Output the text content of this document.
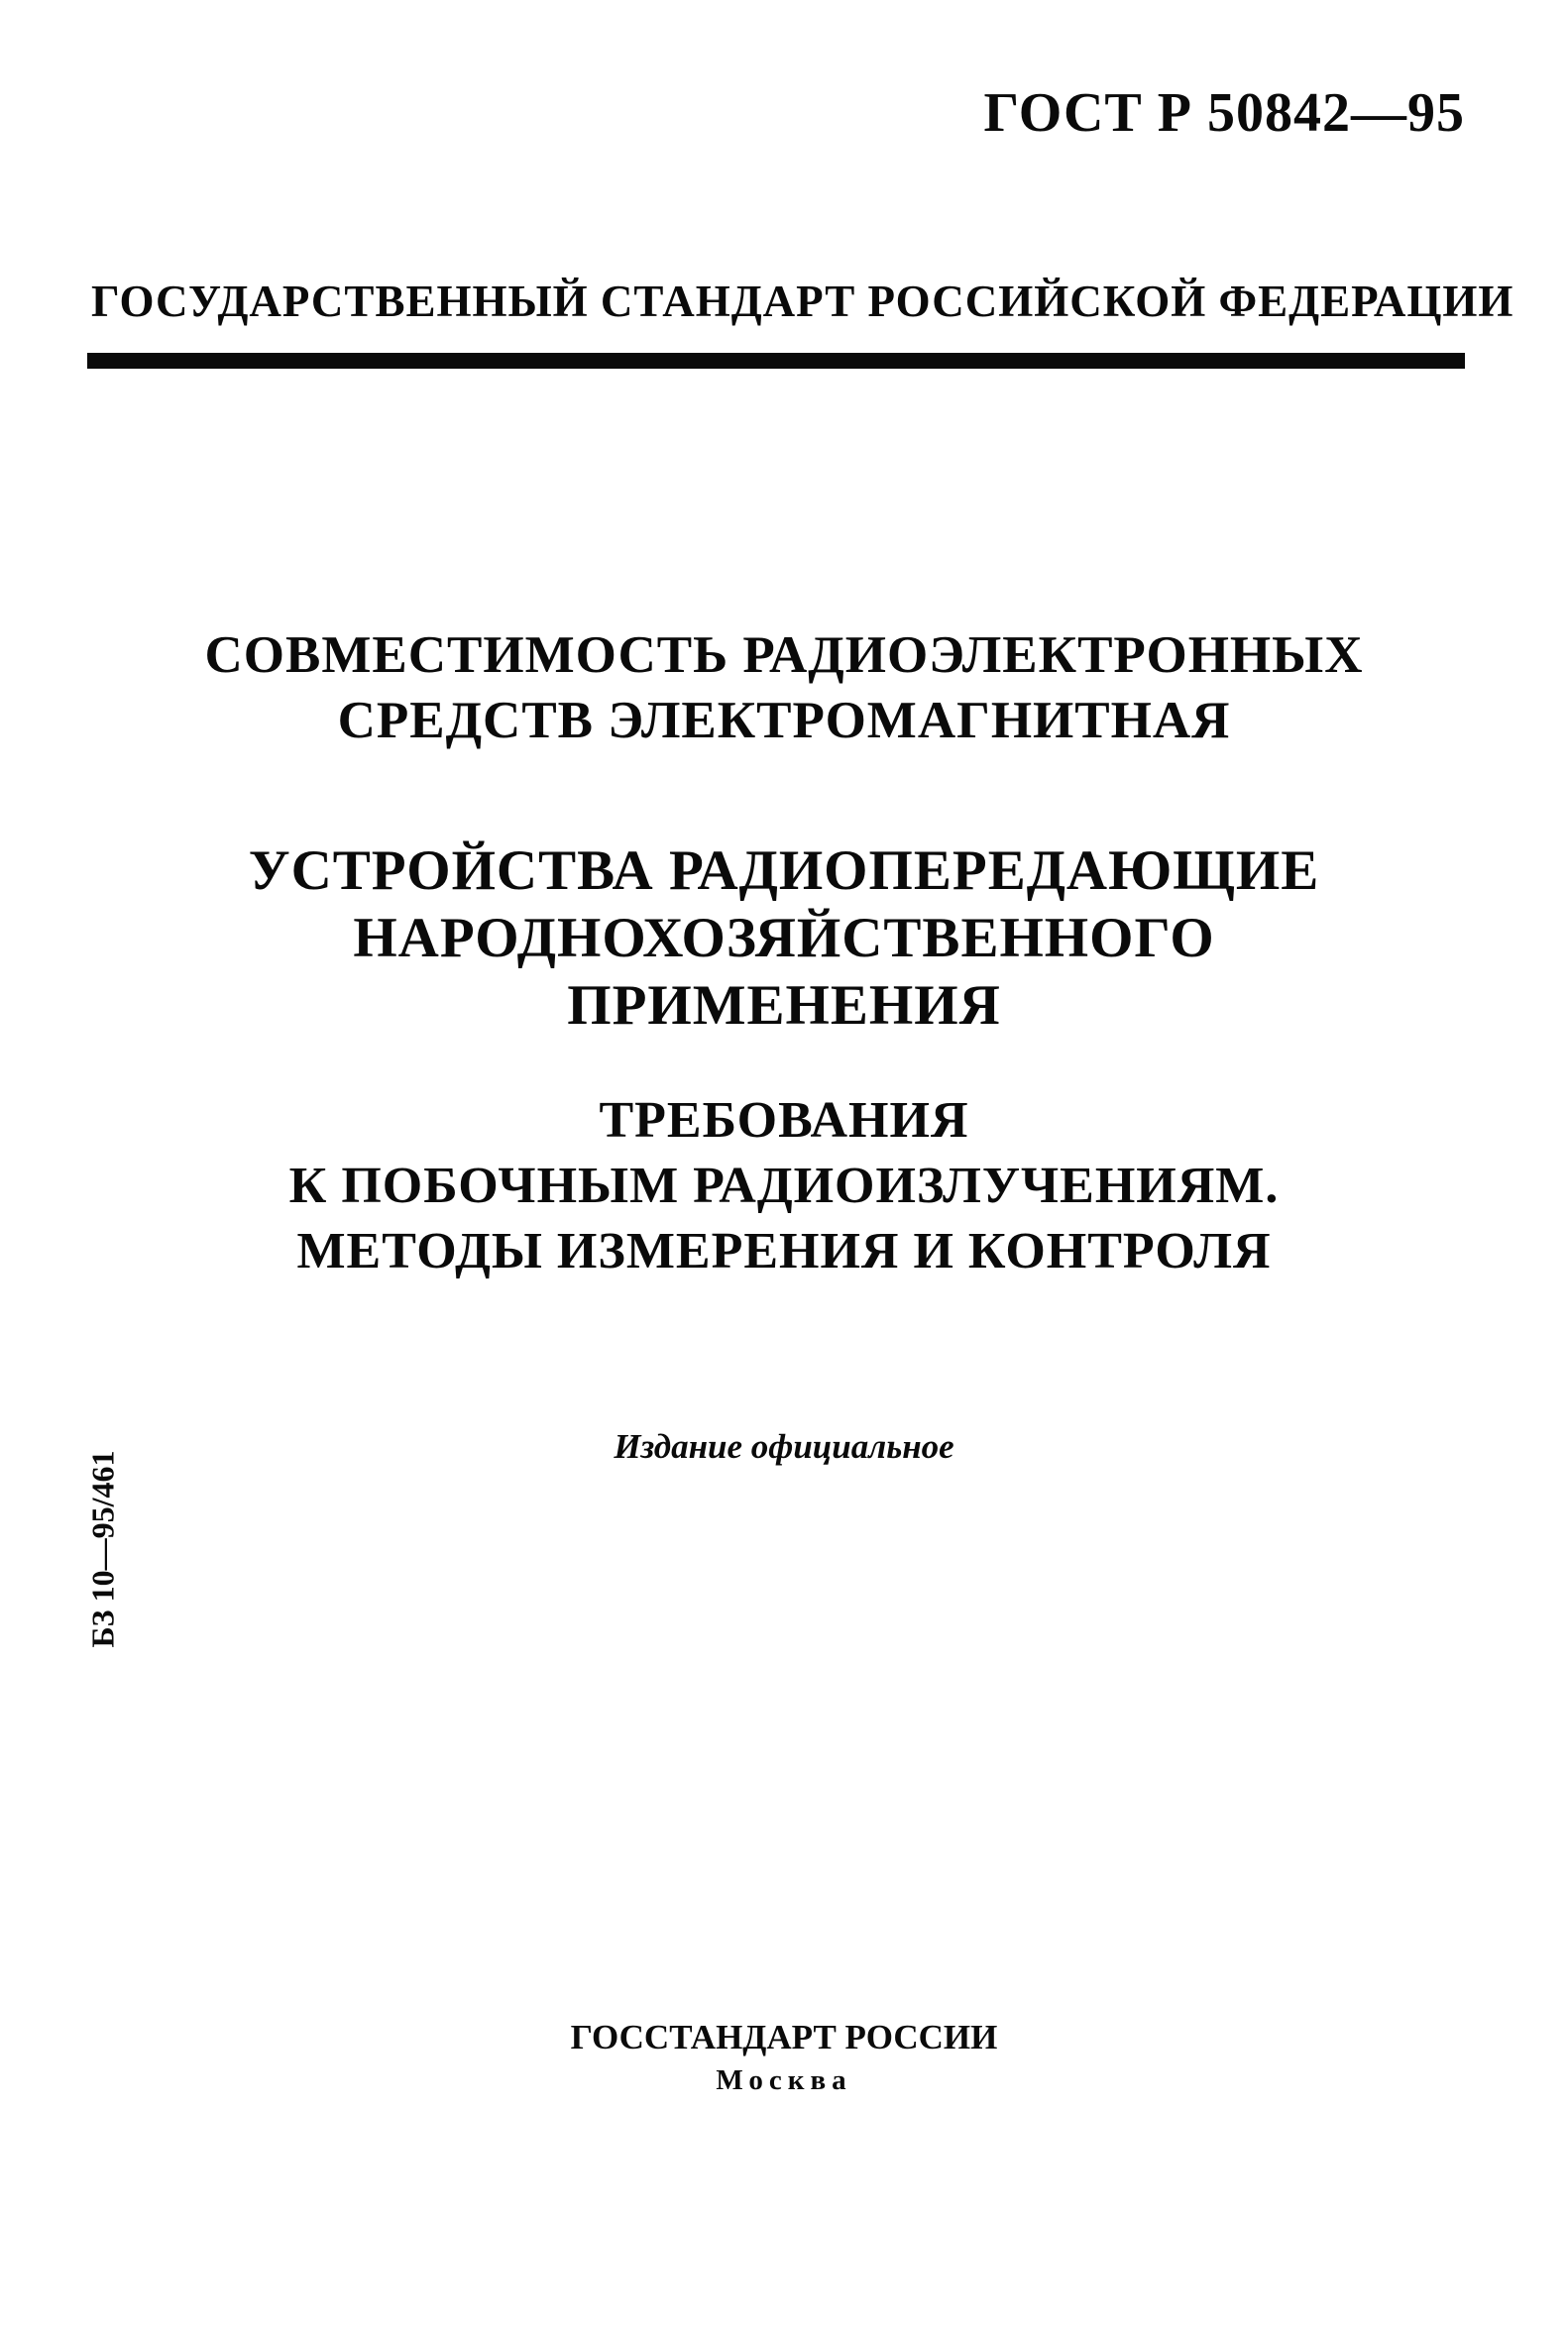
ГОСТ Р 50842—95
ГОСУДАРСТВЕННЫЙ СТАНДАРТ РОССИЙСКОЙ ФЕДЕРАЦИИ
СОВМЕСТИМОСТЬ РАДИОЭЛЕКТРОННЫХ
СРЕДСТВ ЭЛЕКТРОМАГНИТНАЯ
УСТРОЙСТВА РАДИОПЕРЕДАЮЩИЕ
НАРОДНОХОЗЯЙСТВЕННОГО
ПРИМЕНЕНИЯ
ТРЕБОВАНИЯ
К ПОБОЧНЫМ РАДИОИЗЛУЧЕНИЯМ.
МЕТОДЫ ИЗМЕРЕНИЯ И КОНТРОЛЯ
Издание официальное
БЗ 10—95/461
ГОССТАНДАРТ РОССИИ
Москва
